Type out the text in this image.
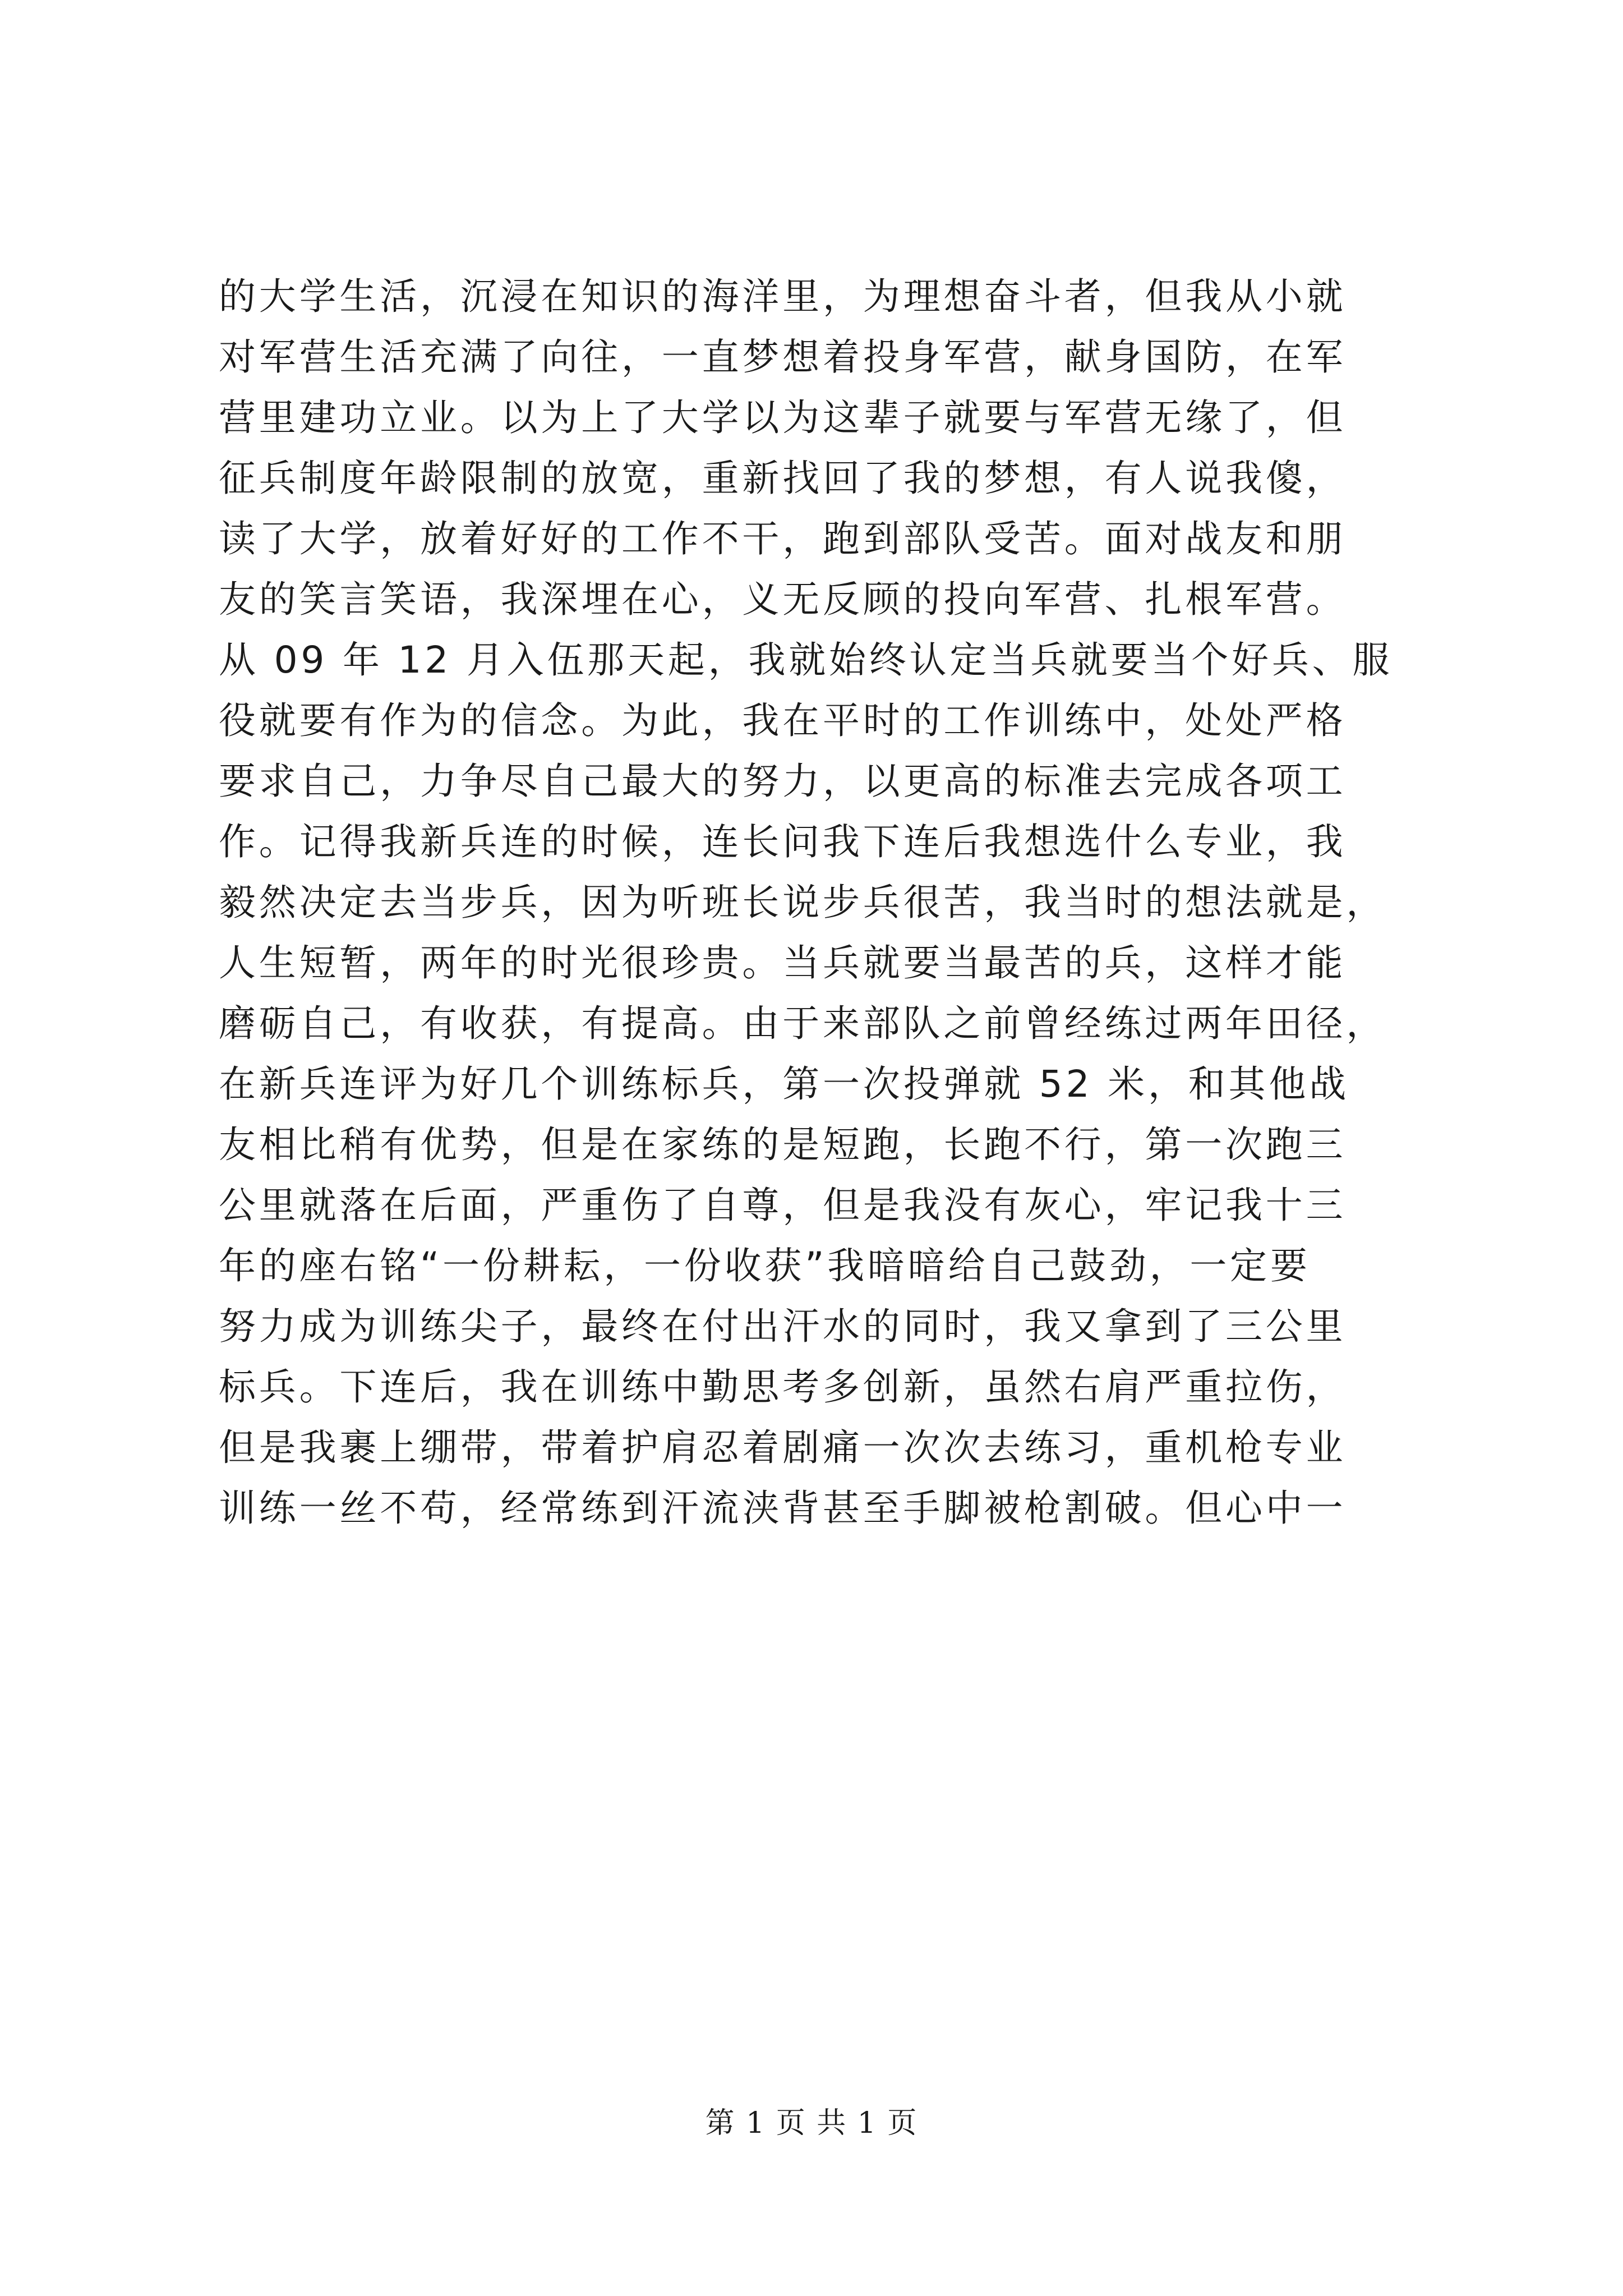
的大学生活，沉浸在知识的海洋里，为理想奋斗者，但我从小就
对军营生活充满了向往，一直梦想着投身军营，献身国防，在军
营里建功立业。以为上了大学以为这辈子就要与军营无缘了，但
征兵制度年龄限制的放宽，重新找回了我的梦想，有人说我傻，
读了大学，放着好好的工作不干，跑到部队受苦。面对战友和朋
友的笑言笑语，我深埋在心，义无反顾的投向军营、扎根军营。
从 09 年 12 月入伍那天起，我就始终认定当兵就要当个好兵、服
役就要有作为的信念。为此，我在平时的工作训练中，处处严格
要求自己，力争尽自己最大的努力，以更高的标准去完成各项工
作。记得我新兵连的时候，连长问我下连后我想选什么专业，我
毅然决定去当步兵，因为听班长说步兵很苦，我当时的想法就是，
人生短暂，两年的时光很珍贵。当兵就要当最苦的兵，这样才能
磨砺自己，有收获，有提高。由于来部队之前曾经练过两年田径，
在新兵连评为好几个训练标兵，第一次投弹就 52 米，和其他战
友相比稍有优势，但是在家练的是短跑，长跑不行，第一次跑三
公里就落在后面，严重伤了自尊，但是我没有灰心，牢记我十三
年的座右铭“一份耕耘，一份收获”我暗暗给自己鼓劲，一定要
努力成为训练尖子，最终在付出汗水的同时，我又拿到了三公里
标兵。下连后，我在训练中勤思考多创新，虽然右肩严重拉伤，
但是我裹上绷带，带着护肩忍着剧痛一次次去练习，重机枪专业
训练一丝不苟，经常练到汗流浃背甚至手脚被枪割破。但心中一
第 1 页 共 1 页
